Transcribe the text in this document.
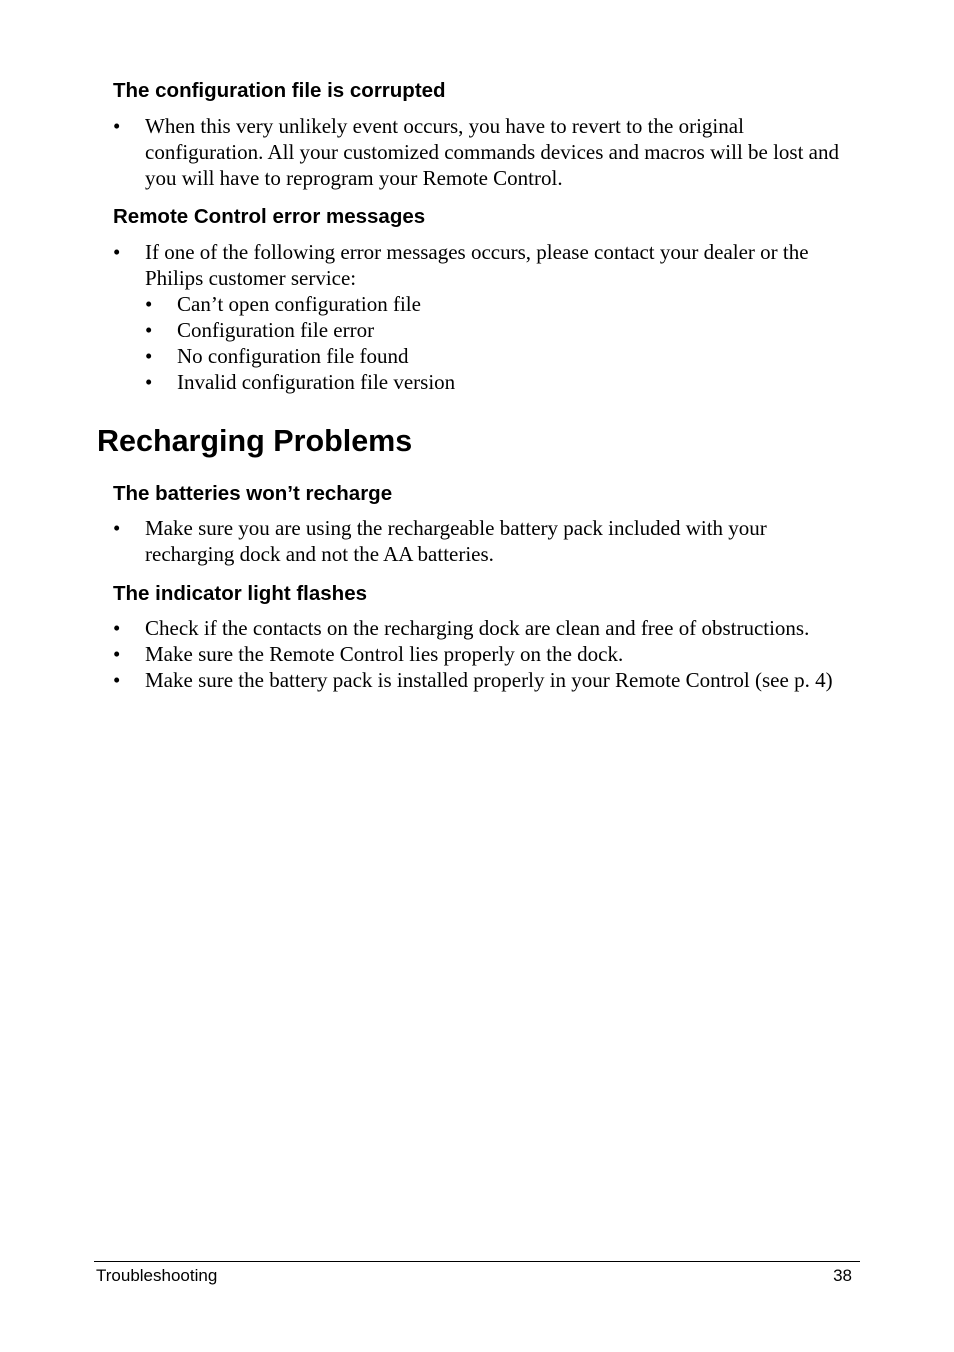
The configuration file is corrupted
• When this very unlikely event occurs, you have to revert to the original configuration. All your customized commands devices and macros will be lost and you will have to reprogram your Remote Control.
Remote Control error messages
• If one of the following error messages occurs, please contact your dealer or the Philips customer service:
• Can’t open configuration file
• Configuration file error
• No configuration file found
• Invalid configuration file version
Recharging Problems
The batteries won’t recharge
• Make sure you are using the rechargeable battery pack included with your recharging dock and not the AA batteries.
The indicator light flashes
• Check if the contacts on the recharging dock are clean and free of obstructions.
• Make sure the Remote Control lies properly on the dock.
• Make sure the battery pack is installed properly in your Remote Control (see p. 4)
Troubleshooting	38
